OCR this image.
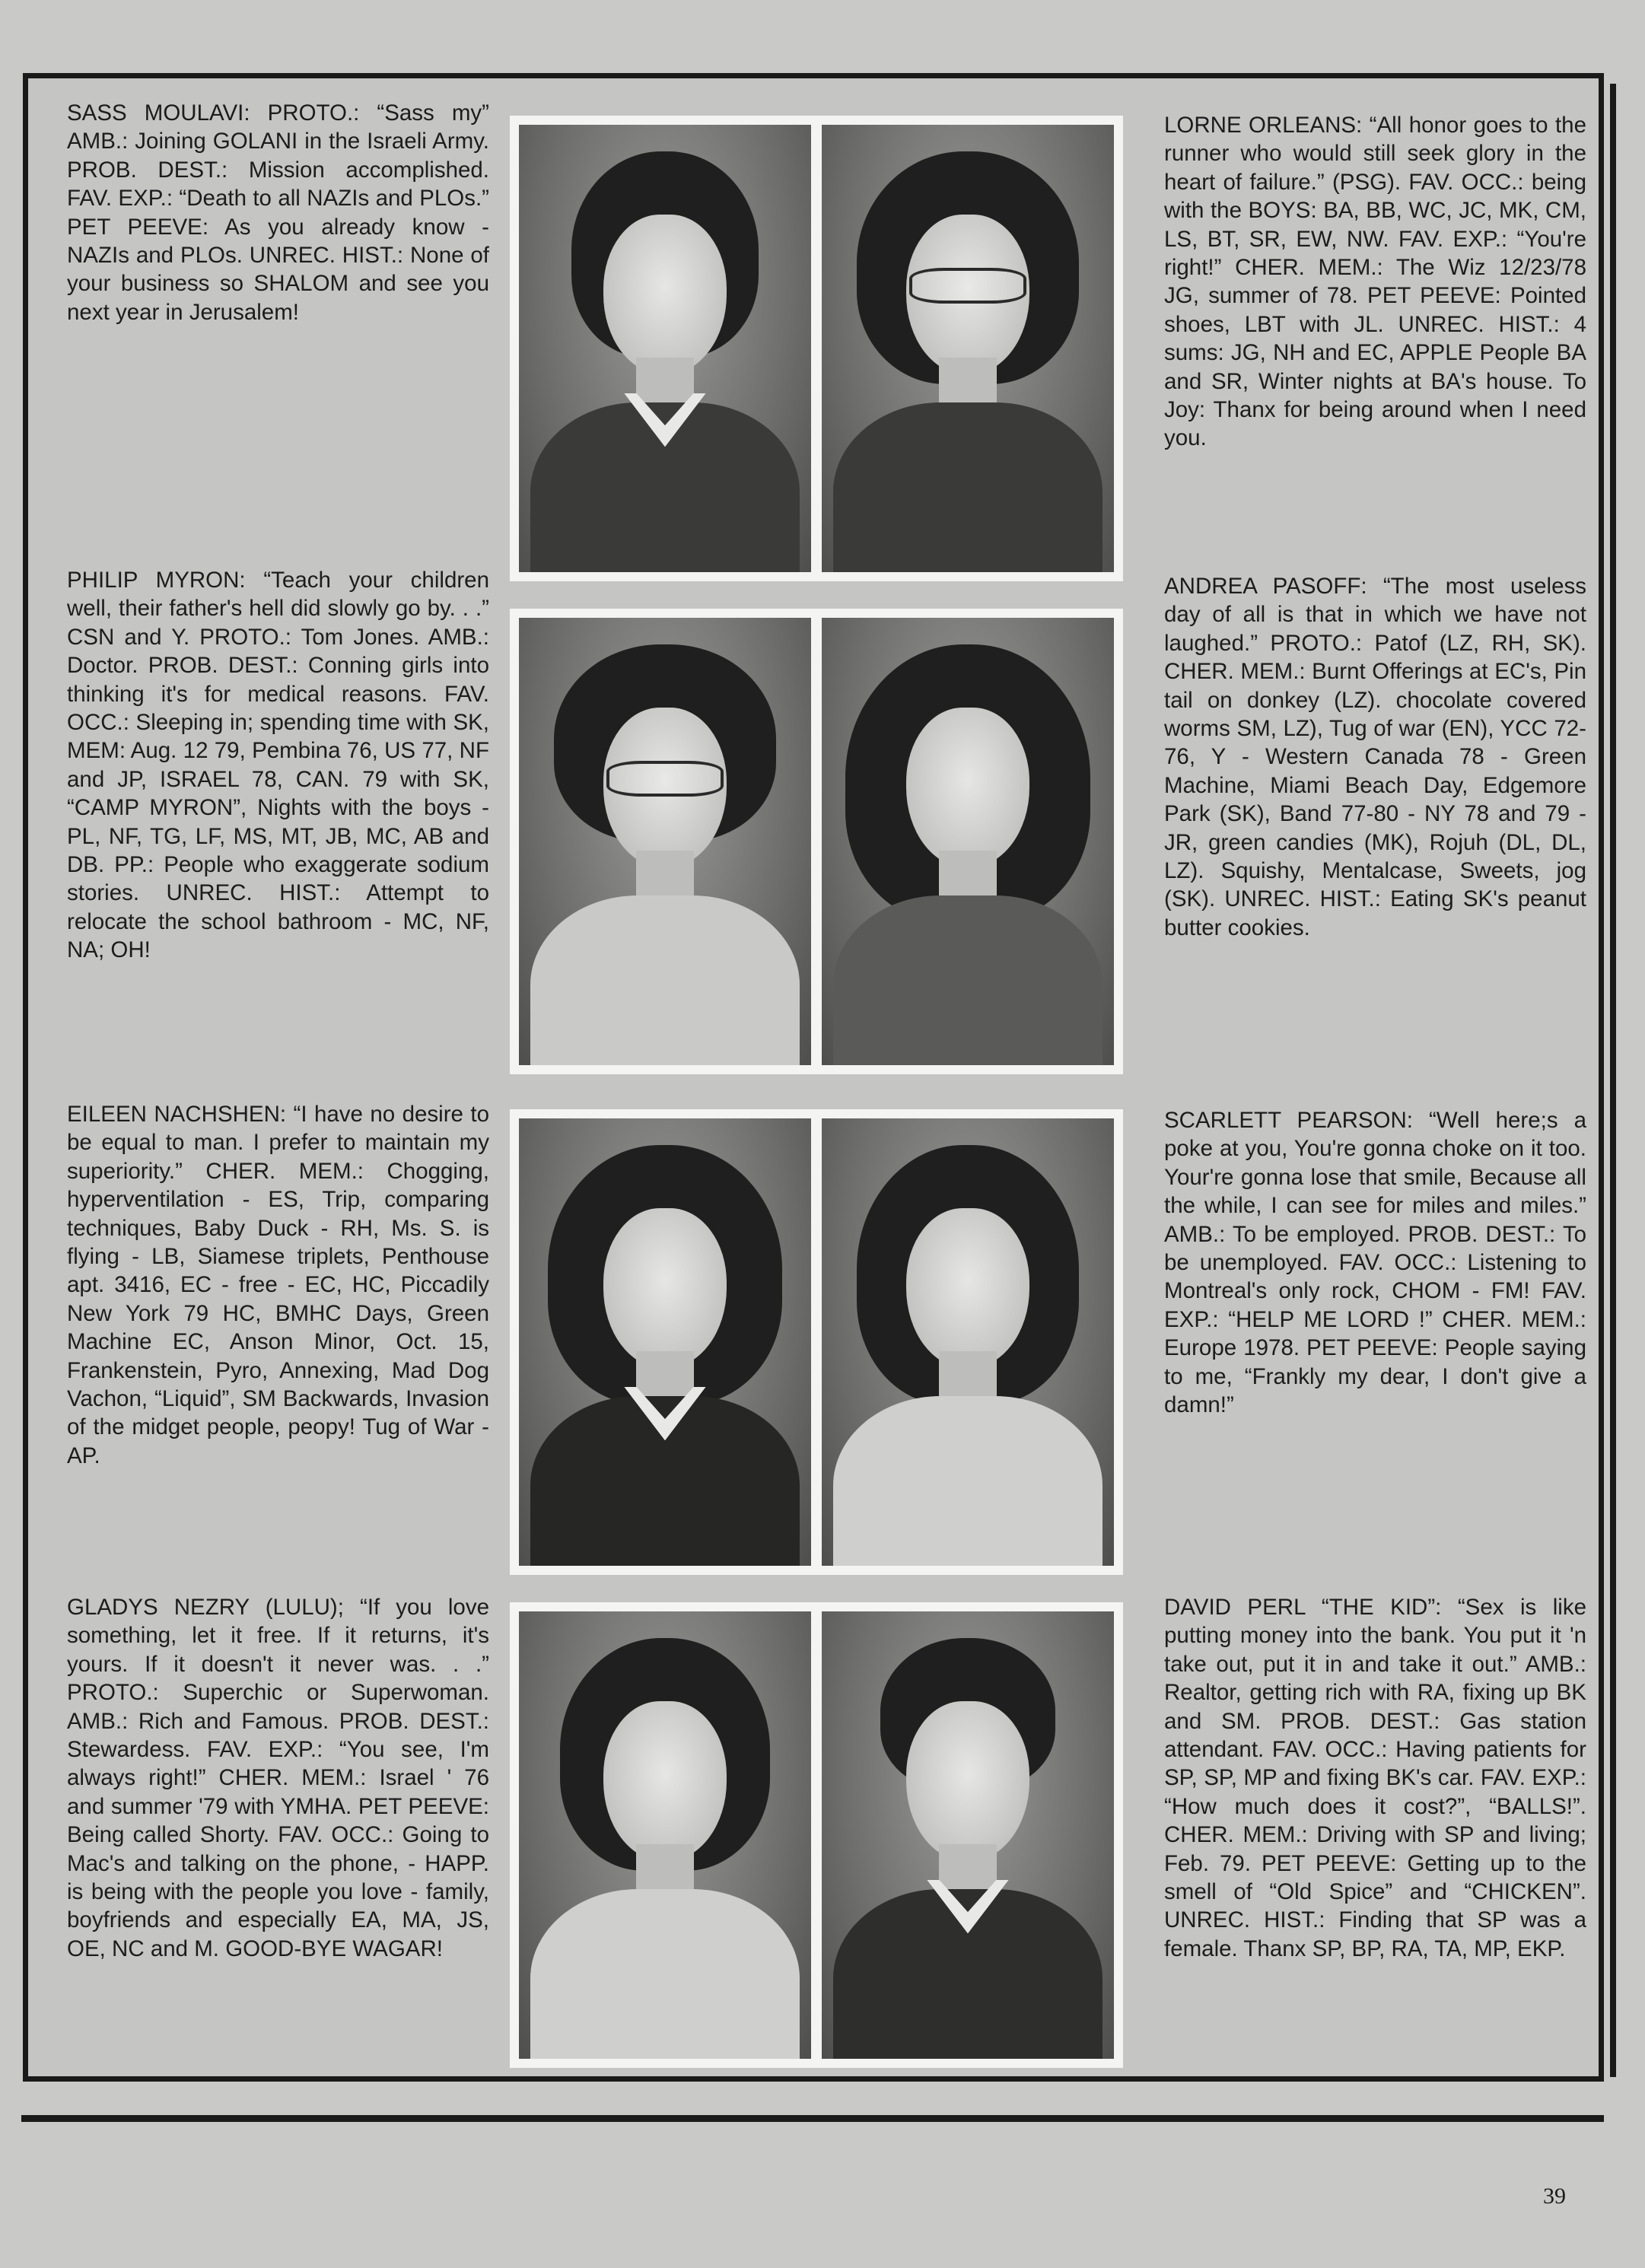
SASS MOULAVI: PROTO.: “Sass my” AMB.: Joining GOLANI in the Israeli Army. PROB. DEST.: Mission accomplished. FAV. EXP.: “Death to all NAZIs and PLOs.” PET PEEVE: As you already know - NAZIs and PLOs. UNREC. HIST.: None of your business so SHALOM and see you next year in Jerusalem!

LORNE ORLEANS: “All honor goes to the runner who would still seek glory in the heart of failure.” (PSG). FAV. OCC.: being with the BOYS: BA, BB, WC, JC, MK, CM, LS, BT, SR, EW, NW. FAV. EXP.: “You're right!” CHER. MEM.: The Wiz 12/23/78 JG, summer of 78. PET PEEVE: Pointed shoes, LBT with JL. UNREC. HIST.: 4 sums: JG, NH and EC, APPLE People BA and SR, Winter nights at BA's house. To Joy: Thanx for being around when I need you.

PHILIP MYRON: “Teach your children well, their father's hell did slowly go by. . .” CSN and Y. PROTO.: Tom Jones. AMB.: Doctor. PROB. DEST.: Conning girls into thinking it's for medical reasons. FAV. OCC.: Sleeping in; spending time with SK, MEM: Aug. 12 79, Pembina 76, US 77, NF and JP, ISRAEL 78, CAN. 79 with SK, “CAMP MYRON”, Nights with the boys - PL, NF, TG, LF, MS, MT, JB, MC, AB and DB. PP.: People who exaggerate sodium stories. UNREC. HIST.: Attempt to relocate the school bathroom - MC, NF, NA; OH!

ANDREA PASOFF: “The most useless day of all is that in which we have not laughed.” PROTO.: Patof (LZ, RH, SK). CHER. MEM.: Burnt Offerings at EC's, Pin tail on donkey (LZ). chocolate covered worms SM, LZ), Tug of war (EN), YCC 72-76, Y - Western Canada 78 - Green Machine, Miami Beach Day, Edgemore Park (SK), Band 77-80 - NY 78 and 79 - JR, green candies (MK), Rojuh (DL, DL, LZ). Squishy, Mentalcase, Sweets, jog (SK). UNREC. HIST.: Eating SK's peanut butter cookies.

EILEEN NACHSHEN: “I have no desire to be equal to man. I prefer to maintain my superiority.” CHER. MEM.: Chogging, hyperventilation - ES, Trip, comparing techniques, Baby Duck - RH, Ms. S. is flying - LB, Siamese triplets, Penthouse apt. 3416, EC - free - EC, HC, Piccadily New York 79 HC, BMHC Days, Green Machine EC, Anson Minor, Oct. 15, Frankenstein, Pyro, Annexing, Mad Dog Vachon, “Liquid”, SM Backwards, Invasion of the midget people, peopy! Tug of War - AP.

SCARLETT PEARSON: “Well here;s a poke at you, You're gonna choke on it too. Your're gonna lose that smile, Because all the while, I can see for miles and miles.” AMB.: To be employed. PROB. DEST.: To be unemployed. FAV. OCC.: Listening to Montreal's only rock, CHOM - FM! FAV. EXP.: “HELP ME LORD !” CHER. MEM.: Europe 1978. PET PEEVE: People saying to me, “Frankly my dear, I don't give a damn!”

GLADYS NEZRY (LULU); “If you love something, let it free. If it returns, it's yours. If it doesn't it never was. . .” PROTO.: Superchic or Superwoman. AMB.: Rich and Famous. PROB. DEST.: Stewardess. FAV. EXP.: “You see, I'm always right!” CHER. MEM.: Israel ' 76 and summer '79 with YMHA. PET PEEVE: Being called Shorty. FAV. OCC.: Going to Mac's and talking on the phone, - HAPP. is being with the people you love - family, boyfriends and especially EA, MA, JS, OE, NC and M. GOOD-BYE WAGAR!

DAVID PERL “THE KID”: “Sex is like putting money into the bank. You put it 'n take out, put it in and take it out.” AMB.: Realtor, getting rich with RA, fixing up BK and SM. PROB. DEST.: Gas station attendant. FAV. OCC.: Having patients for SP, SP, MP and fixing BK's car. FAV. EXP.: “How much does it cost?”, “BALLS!”. CHER. MEM.: Driving with SP and living; Feb. 79. PET PEEVE: Getting up to the smell of “Old Spice” and “CHICKEN”. UNREC. HIST.: Finding that SP was a female. Thanx SP, BP, RA, TA, MP, EKP.

39
